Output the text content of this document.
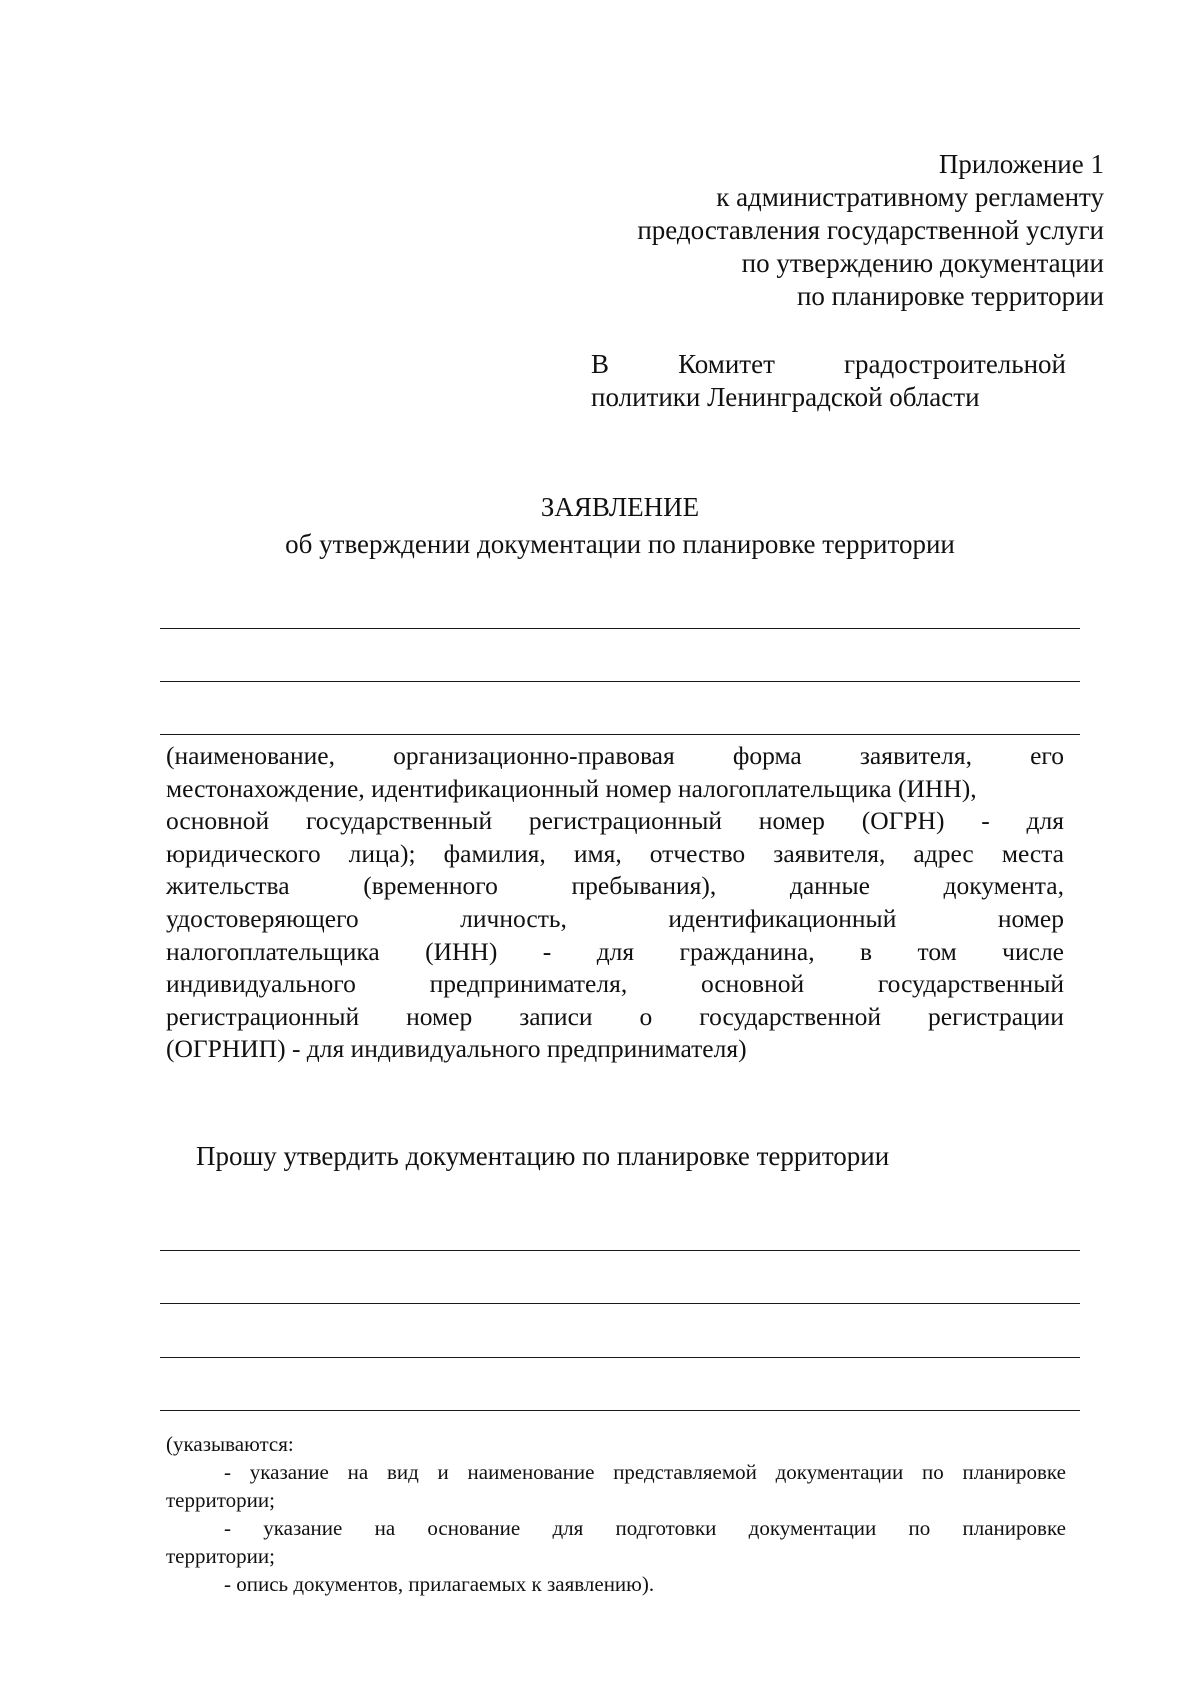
Приложение 1
к административному регламенту
предоставления государственной услуги
по утверждению документации
по планировке территории
В	Комитет	градостроительной
политики Ленинградской области
ЗАЯВЛЕНИЕ
об утверждении документации по планировке территории
(наименование, организационно-правовая форма заявителя, его
местонахождение, идентификационный номер налогоплательщика (ИНН),
основной государственный регистрационный номер (ОГРН) - для
юридического лица); фамилия, имя, отчество заявителя, адрес места
жительства	(временного	пребывания),	данные	документа,
удостоверяющего	личность,	идентификационный	номер
налогоплательщика (ИНН) - для гражданина, в том числе
индивидуального	предпринимателя,	основной	государственный
регистрационный номер записи о государственной регистрации
(ОГРНИП) - для индивидуального предпринимателя)
Прошу утвердить документацию по планировке территории
(указываются:
- указание на вид и наименование представляемой документации по планировке
территории;
- указание на основание для подготовки документации по планировке
территории;
- опись документов, прилагаемых к заявлению).
